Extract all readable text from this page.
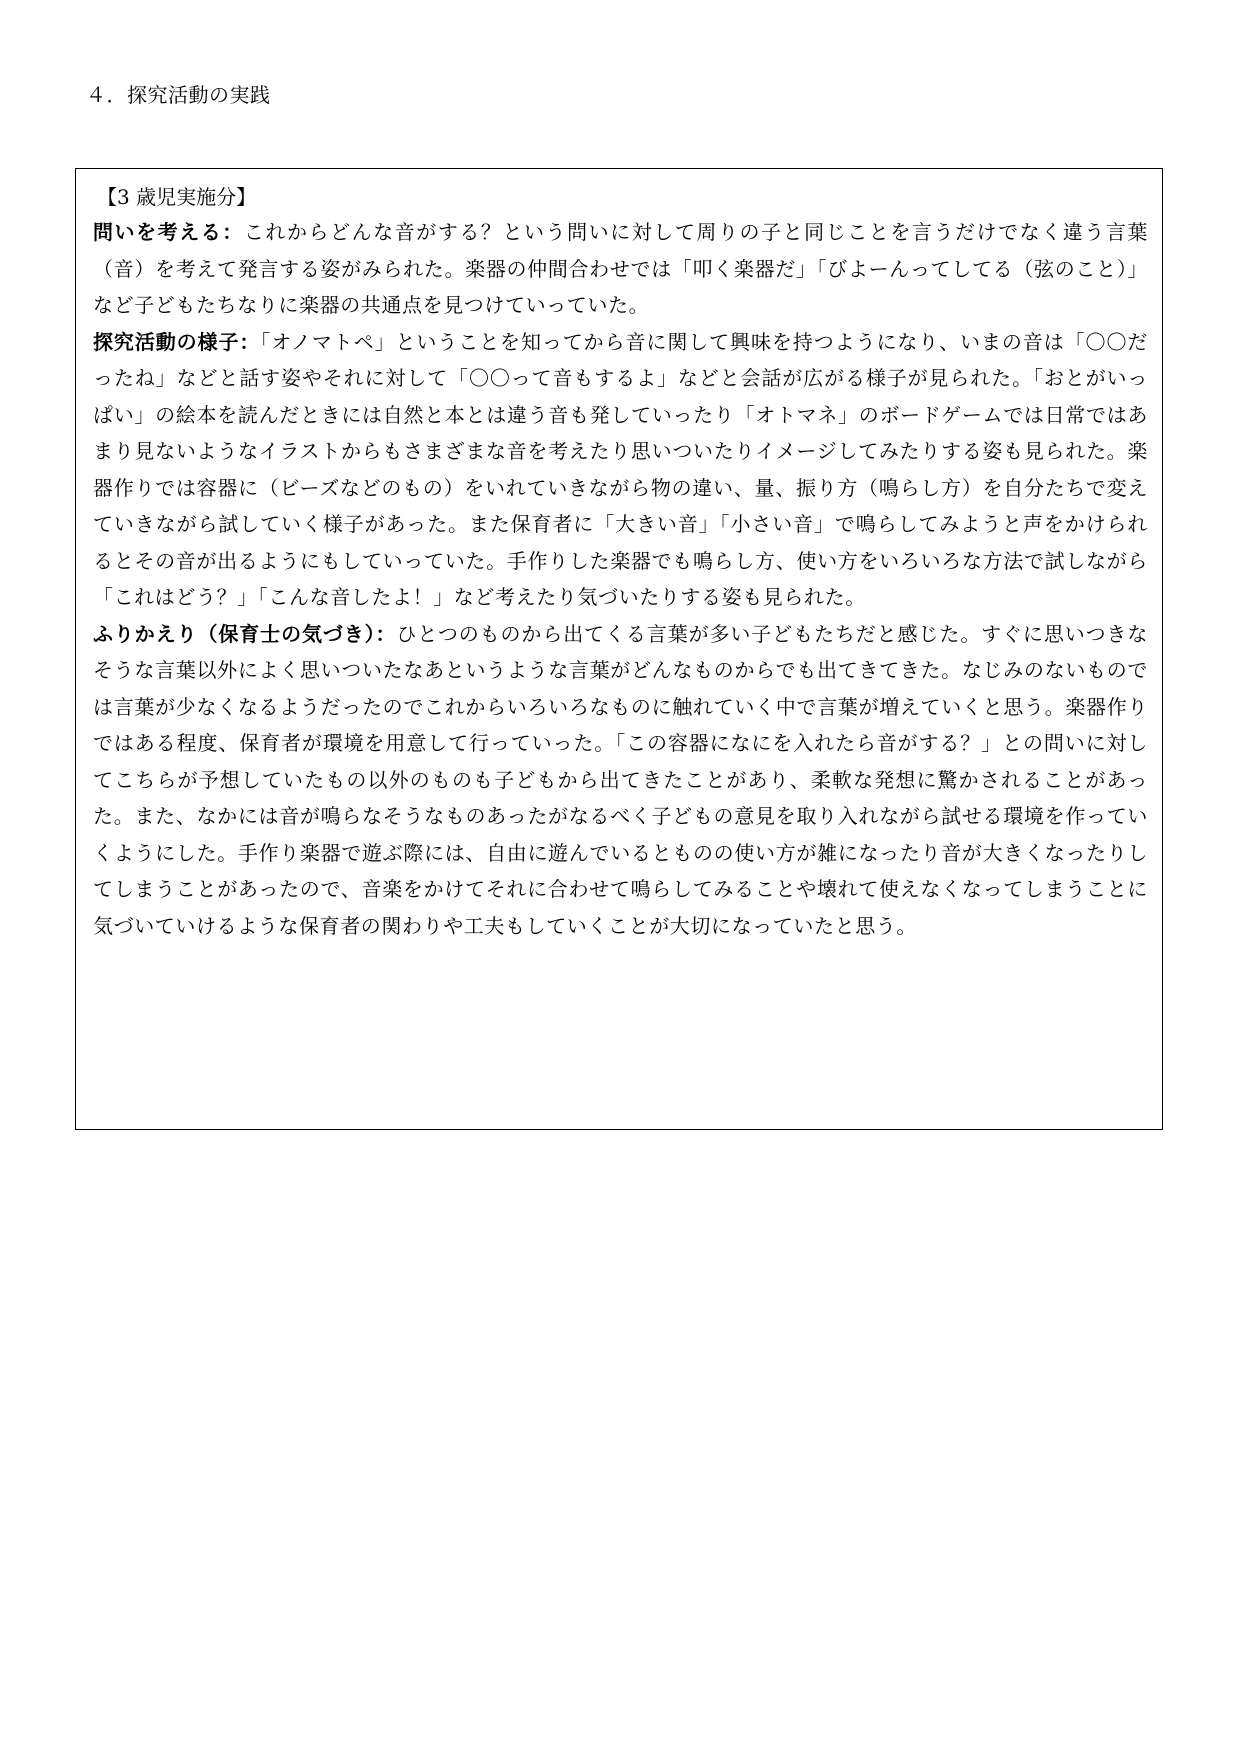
４．探究活動の実践

【3 歳児実施分】

問いを考える：これからどんな音がする？という問いに対して周りの子と同じことを言うだけでなく違う言葉（音）を考えて発言する姿がみられた。楽器の仲間合わせでは「叩く楽器だ」「びよーんってしてる（弦のこと）」など子どもたちなりに楽器の共通点を見つけていっていた。

探究活動の様子：「オノマトペ」ということを知ってから音に関して興味を持つようになり、いまの音は「〇〇だったね」などと話す姿やそれに対して「〇〇って音もするよ」などと会話が広がる様子が見られた。「おとがいっぱい」の絵本を読んだときには自然と本とは違う音も発していったり「オトマネ」のボードゲームでは日常ではあまり見ないようなイラストからもさまざまな音を考えたり思いついたりイメージしてみたりする姿も見られた。楽器作りでは容器に（ビーズなどのもの）をいれていきながら物の違い、量、振り方（鳴らし方）を自分たちで変えていきながら試していく様子があった。また保育者に「大きい音」「小さい音」で鳴らしてみようと声をかけられるとその音が出るようにもしていっていた。手作りした楽器でも鳴らし方、使い方をいろいろな方法で試しながら「これはどう？」「こんな音したよ！」など考えたり気づいたりする姿も見られた。

ふりかえり（保育士の気づき）：ひとつのものから出てくる言葉が多い子どもたちだと感じた。すぐに思いつきなそうな言葉以外によく思いついたなあというような言葉がどんなものからでも出てきてきた。なじみのないものでは言葉が少なくなるようだったのでこれからいろいろなものに触れていく中で言葉が増えていくと思う。楽器作りではある程度、保育者が環境を用意して行っていった。「この容器になにを入れたら音がする？」との問いに対してこちらが予想していたもの以外のものも子どもから出てきたことがあり、柔軟な発想に驚かされることがあった。また、なかには音が鳴らなそうなものあったがなるべく子どもの意見を取り入れながら試せる環境を作っていくようにした。手作り楽器で遊ぶ際には、自由に遊んでいるとものの使い方が雑になったり音が大きくなったりしてしまうことがあったので、音楽をかけてそれに合わせて鳴らしてみることや壊れて使えなくなってしまうことに気づいていけるような保育者の関わりや工夫もしていくことが大切になっていたと思う。
